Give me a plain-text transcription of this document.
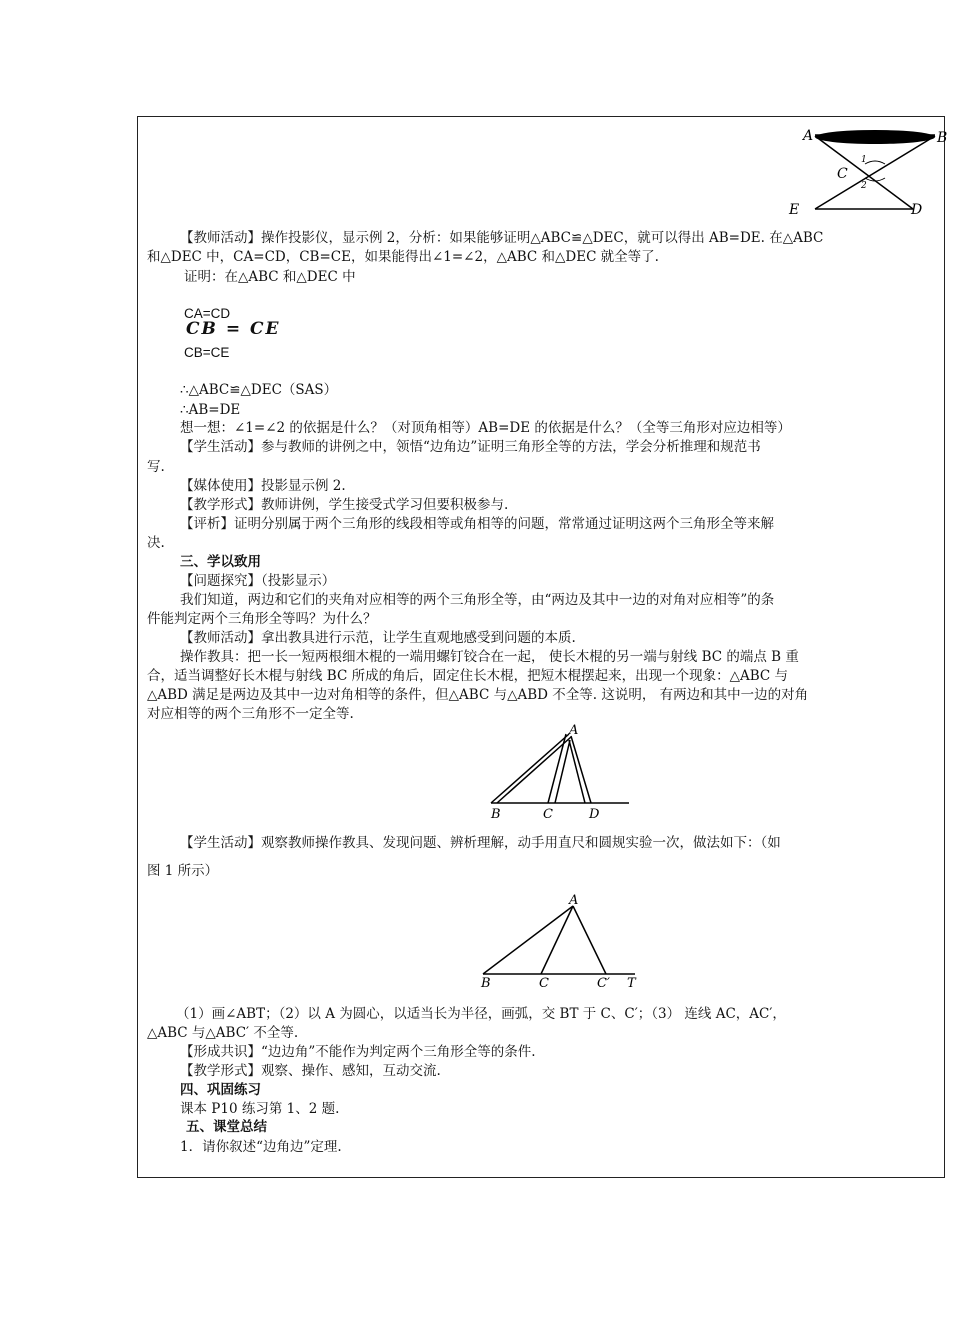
A	B
C
E	D
1
2
【教师活动】操作投影仪，显示例 2，分析：如果能够证明△ABC≌△DEC，就可以得出 AB=DE. 在△ABC
和△DEC 中，CA=CD，CB=CE，如果能得出∠1=∠2，△ABC 和△DEC 就全等了.
证明：在△ABC 和△DEC 中
CA=CD
CB = CE
CB=CE
∴△ABC≌△DEC（SAS）
∴AB=DE
想一想：∠1=∠2 的依据是什么？（对顶角相等）AB=DE 的依据是什么？（全等三角形对应边相等）
【学生活动】参与教师的讲例之中，领悟“边角边”证明三角形全等的方法，学会分析推理和规范书
写.
【媒体使用】投影显示例 2.
【教学形式】教师讲例，学生接受式学习但要积极参与.
【评析】证明分别属于两个三角形的线段相等或角相等的问题，常常通过证明这两个三角形全等来解
决.
三、学以致用
【问题探究】（投影显示）
我们知道，两边和它们的夹角对应相等的两个三角形全等，由“两边及其中一边的对角对应相等”的条
件能判定两个三角形全等吗？为什么？
【教师活动】拿出教具进行示范，让学生直观地感受到问题的本质.
操作教具：把一长一短两根细木棍的一端用螺钉铰合在一起， 使长木棍的另一端与射线 BC 的端点 B 重
合，适当调整好长木棍与射线 BC 所成的角后，固定住长木棍，把短木棍摆起来，出现一个现象：△ABC 与
△ABD 满足是两边及其中一边对角相等的条件，但△ABC 与△ABD 不全等. 这说明， 有两边和其中一边的对角
对应相等的两个三角形不一定全等.
A
B	C	D
【学生活动】观察教师操作教具、发现问题、辨析理解，动手用直尺和圆规实验一次，做法如下：（如
图 1 所示）
A
B	C	C′ T
（1）画∠ABT；（2）以 A 为圆心，以适当长为半径，画弧，交 BT 于 C、C′；（3） 连线 AC，AC′，
△ABC 与△ABC′ 不全等.
【形成共识】“边边角”不能作为判定两个三角形全等的条件.
【教学形式】观察、操作、感知，互动交流.
四、巩固练习
课本 P10 练习第 1、2 题.
五、课堂总结
1．请你叙述“边角边”定理.
